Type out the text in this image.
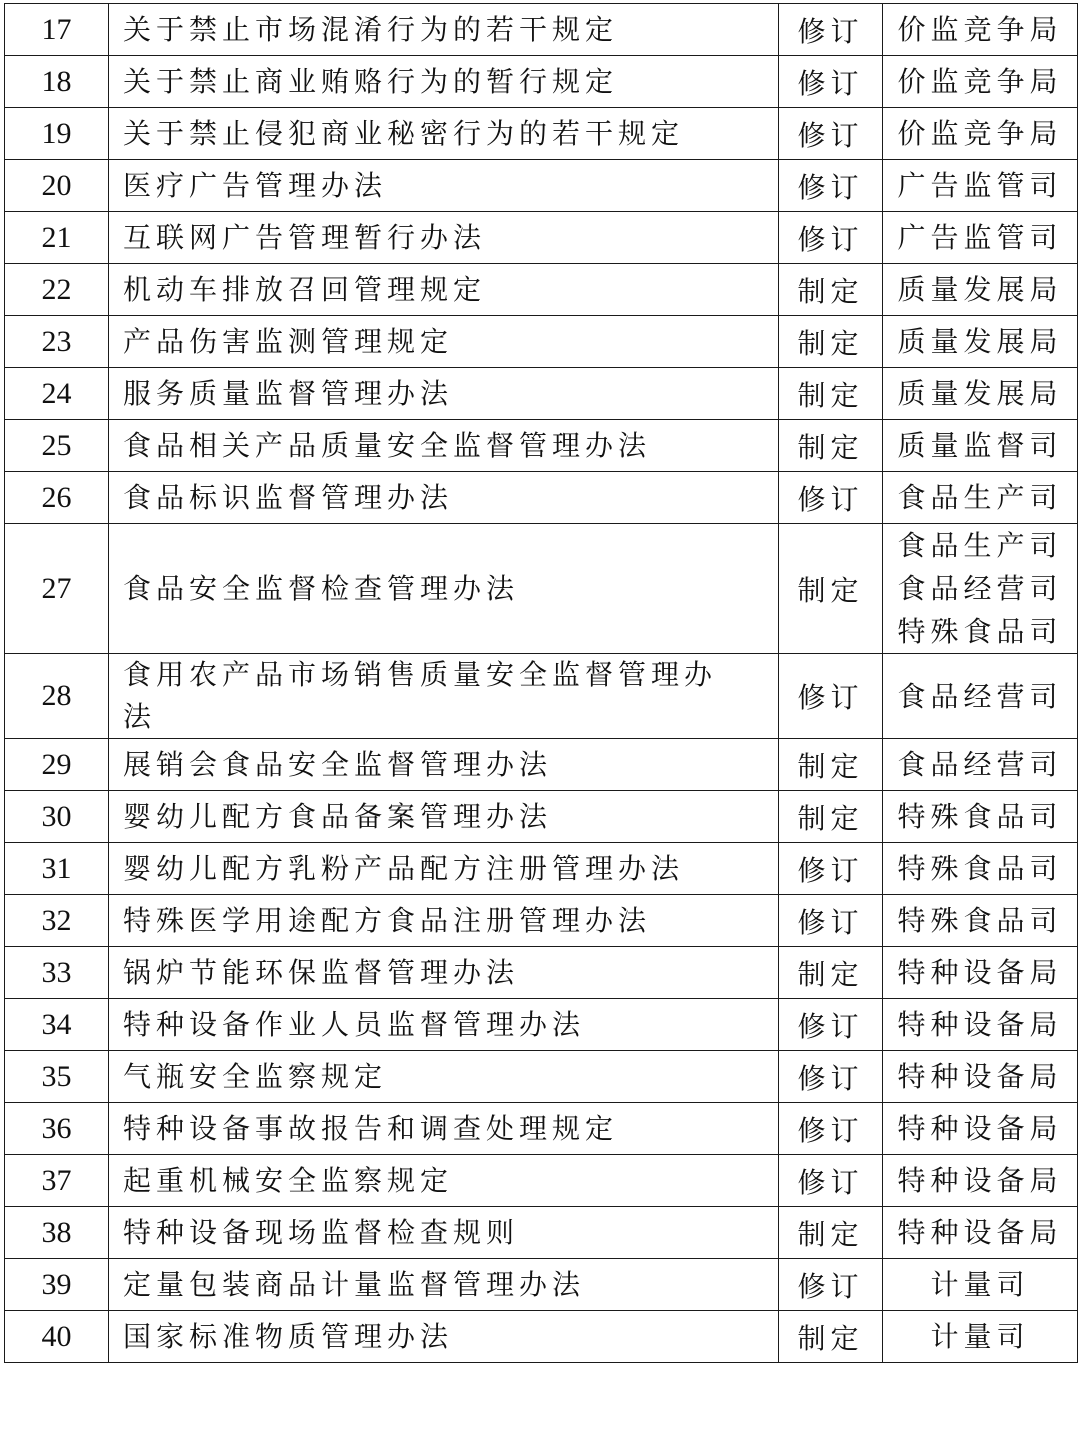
17	关于禁止市场混淆行为的若干规定	修订	价监竞争局

18	关于禁止商业贿赂行为的暂行规定	修订	价监竞争局

19	关于禁止侵犯商业秘密行为的若干规定	修订	价监竞争局

20	医疗广告管理办法	修订	广告监管司

21	互联网广告管理暂行办法	修订	广告监管司

22	机动车排放召回管理规定	制定	质量发展局

23	产品伤害监测管理规定	制定	质量发展局

24	服务质量监督管理办法	制定	质量发展局

25	食品相关产品质量安全监督管理办法	制定	质量监督司

26	食品标识监督管理办法	修订	食品生产司

27	食品安全监督检查管理办法	制定	食品生产司
食品经营司
特殊食品司

28	食用农产品市场销售质量安全监督管理办法	修订	食品经营司

29	展销会食品安全监督管理办法	制定	食品经营司

30	婴幼儿配方食品备案管理办法	制定	特殊食品司

31	婴幼儿配方乳粉产品配方注册管理办法	修订	特殊食品司

32	特殊医学用途配方食品注册管理办法	修订	特殊食品司

33	锅炉节能环保监督管理办法	制定	特种设备局

34	特种设备作业人员监督管理办法	修订	特种设备局

35	气瓶安全监察规定	修订	特种设备局

36	特种设备事故报告和调查处理规定	修订	特种设备局

37	起重机械安全监察规定	修订	特种设备局

38	特种设备现场监督检查规则	制定	特种设备局

39	定量包装商品计量监督管理办法	修订	计量司

40	国家标准物质管理办法	制定	计量司
